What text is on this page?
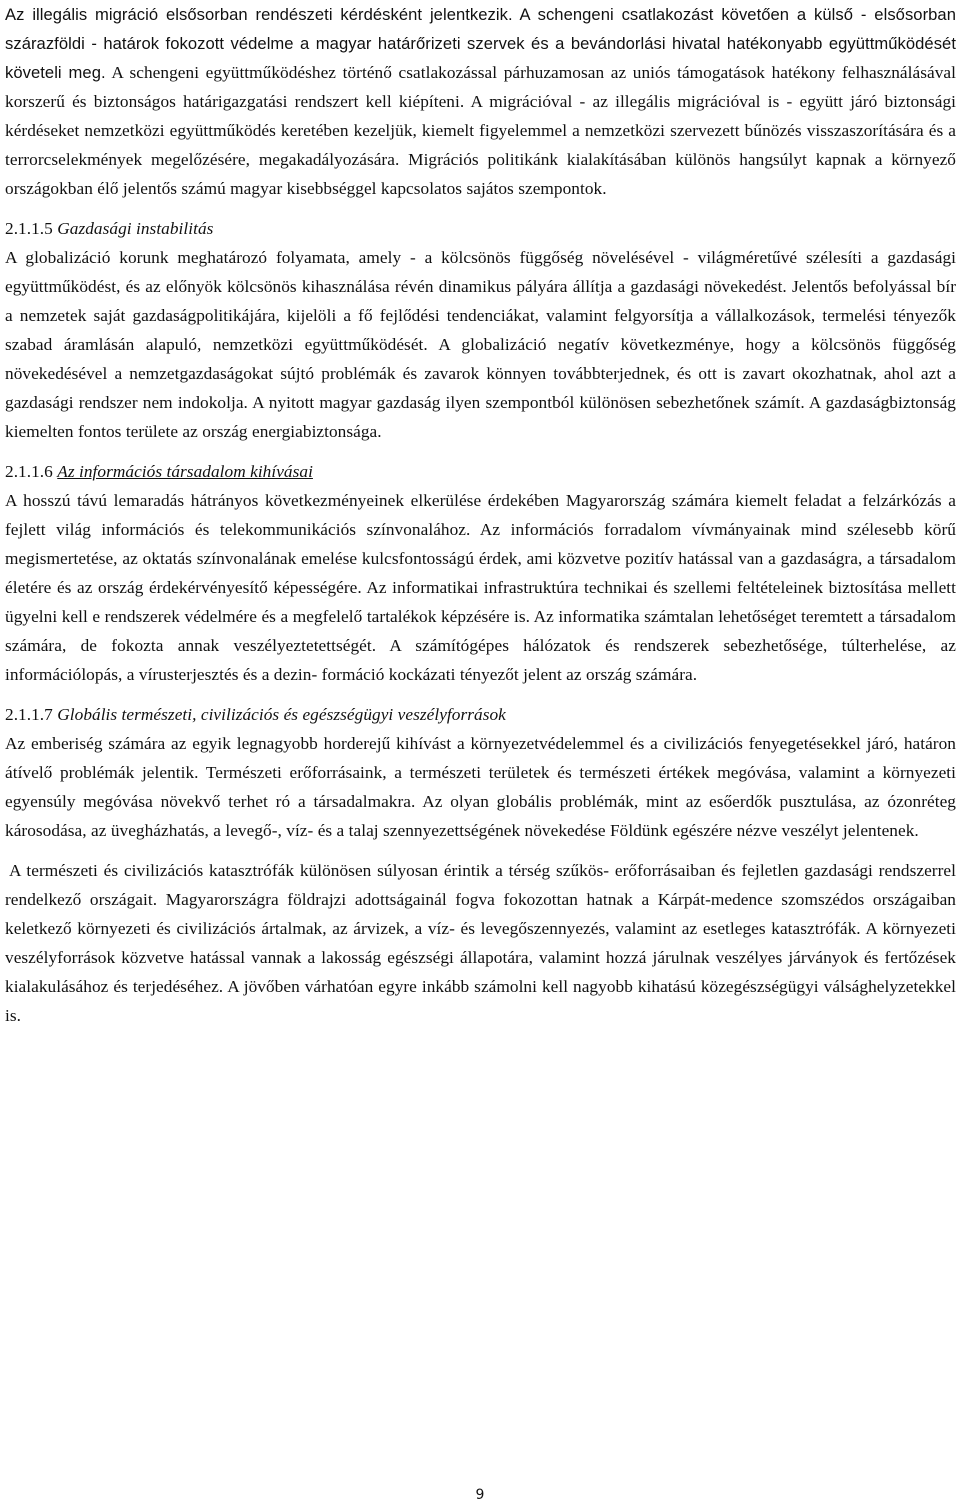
Az illegális migráció elsősorban rendészeti kérdésként jelentkezik. A schengeni csatlakozást követően a külső - elsősorban szárazföldi - határok fokozott védelme a magyar határőrizeti szervek és a bevándorlási hivatal hatékonyabb együttműködését követeli meg. A schengeni együttműködéshez történő csatlakozással párhuzamosan az uniós támogatások hatékony felhasználásával korszerű és biztonságos határigazgatási rendszert kell kiépíteni. A migrációval - az illegális migrációval is - együtt járó biztonsági kérdéseket nemzetközi együttműködés keretében kezeljük, kiemelt figyelemmel a nemzetközi szervezett bűnözés visszaszorítására és a terrorcselekmények megelőzésére, megakadályozására. Migrációs politikánk kialakításában különös hangsúlyt kapnak a környező országokban élő jelentős számú magyar kisebbséggel kapcsolatos sajátos szempontok.

2.1.1.5 Gazdasági instabilitás

A globalizáció korunk meghatározó folyamata, amely - a kölcsönös függőség növelésével - világméretűvé szélesíti a gazdasági együttműködést, és az előnyök kölcsönös kihasználása révén dinamikus pályára állítja a gazdasági növekedést. Jelentős befolyással bír a nemzetek saját gazdaságpolitikájára, kijelöli a fő fejlődési tendenciákat, valamint felgyorsítja a vállalkozások, termelési tényezők szabad áramlásán alapuló, nemzetközi együttműködését. A globalizáció negatív következménye, hogy a kölcsönös függőség növekedésével a nemzetgazdaságokat sújtó problémák és zavarok könnyen továbbterjednek, és ott is zavart okozhatnak, ahol azt a gazdasági rendszer nem indokolja. A nyitott magyar gazdaság ilyen szempontból különösen sebezhetőnek számít. A gazdaságbiztonság kiemelten fontos területe az ország energiabiztonsága.

2.1.1.6 Az információs társadalom kihívásai

A hosszú távú lemaradás hátrányos következményeinek elkerülése érdekében Magyarország számára kiemelt feladat a felzárkózás a fejlett világ információs és telekommunikációs színvonalához. Az információs forradalom vívmányainak mind szélesebb körű megismertetése, az oktatás színvonalának emelése kulcsfontosságú érdek, ami közvetve pozitív hatással van a gazdaságra, a társadalom életére és az ország érdekérvényesítő képességére. Az informatikai infrastruktúra technikai és szellemi feltételeinek biztosítása mellett ügyelni kell e rendszerek védelmére és a megfelelő tartalékok képzésére is. Az informatika számtalan lehetőséget teremtett a társadalom számára, de fokozta annak veszélyeztetettségét. A számítógépes hálózatok és rendszerek sebezhetősége, túlterhelése, az információlopás, a vírusterjesztés és a dezin- formáció kockázati tényezőt jelent az ország számára.

2.1.1.7 Globális természeti, civilizációs és egészségügyi veszélyforrások

Az emberiség számára az egyik legnagyobb horderejű kihívást a környezetvédelemmel és a civilizációs fenyegetésekkel járó, határon átívelő problémák jelentik. Természeti erőforrásaink, a természeti területek és természeti értékek megóvása, valamint a környezeti egyensúly megóvása növekvő terhet ró a társadalmakra. Az olyan globális problémák, mint az esőerdők pusztulása, az ózonréteg károsodása, az üvegházhatás, a levegő-, víz- és a talaj szennyezettségének növekedése Földünk egészére nézve veszélyt jelentenek.

A természeti és civilizációs katasztrófák különösen súlyosan érintik a térség szűkös- erőforrásaiban és fejletlen gazdasági rendszerrel rendelkező országait. Magyarországra földrajzi adottságainál fogva fokozottan hatnak a Kárpát-medence szomszédos országaiban keletkező környezeti és civilizációs ártalmak, az árvizek, a víz- és levegőszennyezés, valamint az esetleges katasztrófák. A környezeti veszélyforrások közvetve hatással vannak a lakosság egészségi állapotára, valamint hozzá járulnak veszélyes járványok és fertőzések kialakulásához és terjedéséhez. A jövőben várhatóan egyre inkább számolni kell nagyobb kihatású közegészségügyi válsághelyzetekkel is.

9
